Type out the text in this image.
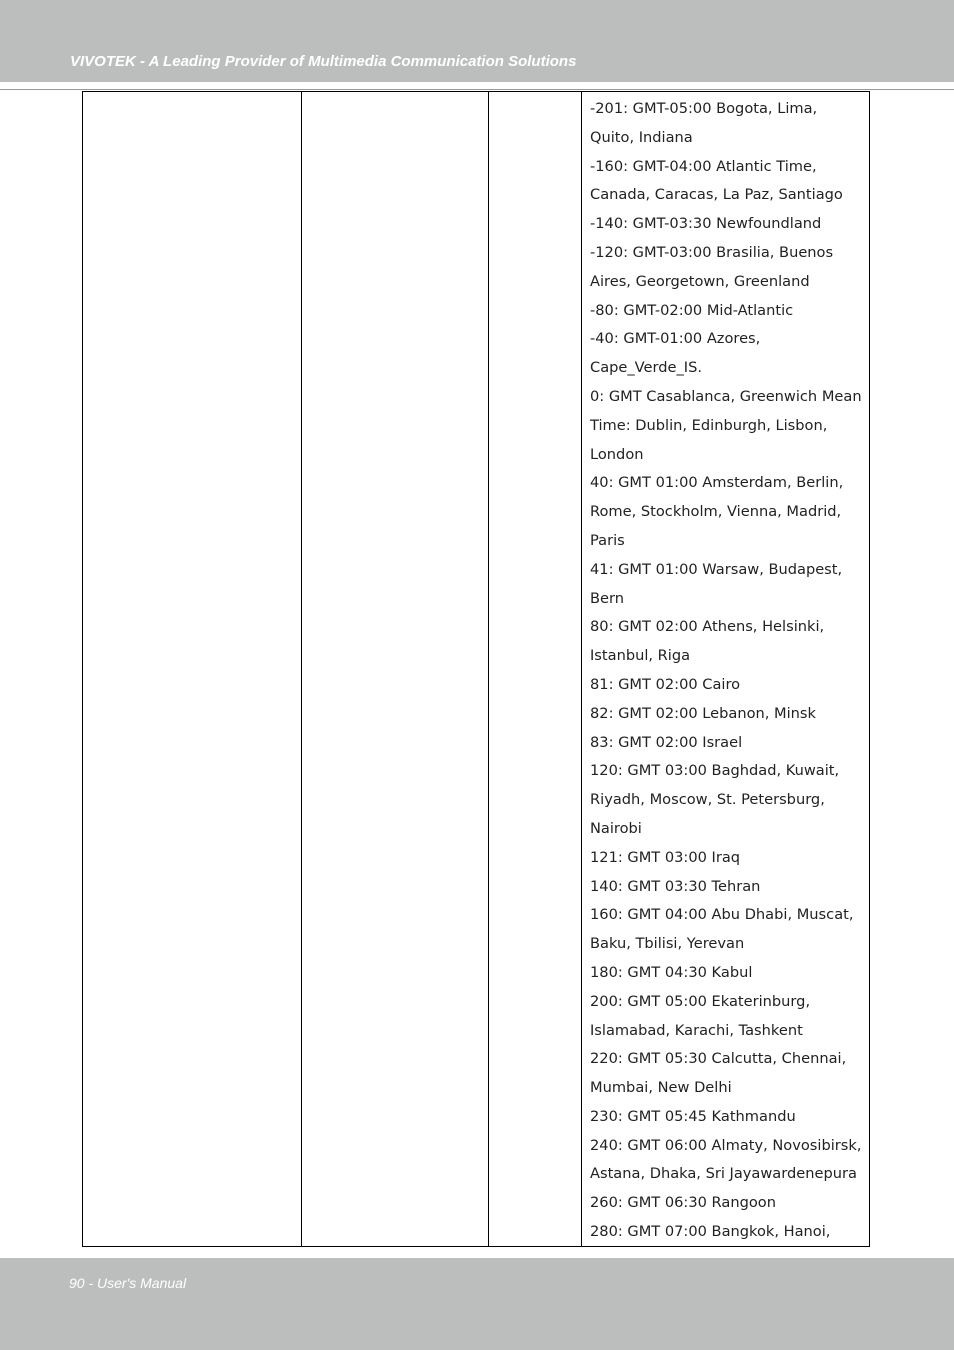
VIVOTEK - A Leading Provider of Multimedia Communication Solutions
-201: GMT-05:00 Bogota, Lima,
Quito, Indiana
-160: GMT-04:00 Atlantic Time,
Canada, Caracas, La Paz, Santiago
-140: GMT-03:30 Newfoundland
-120: GMT-03:00 Brasilia, Buenos
Aires, Georgetown, Greenland
-80: GMT-02:00 Mid-Atlantic
-40: GMT-01:00 Azores,
Cape_Verde_IS.
0: GMT Casablanca, Greenwich Mean
Time: Dublin, Edinburgh, Lisbon,
London
40: GMT 01:00 Amsterdam, Berlin,
Rome, Stockholm, Vienna, Madrid,
Paris
41: GMT 01:00 Warsaw, Budapest,
Bern
80: GMT 02:00 Athens, Helsinki,
Istanbul, Riga
81: GMT 02:00 Cairo
82: GMT 02:00 Lebanon, Minsk
83: GMT 02:00 Israel
120: GMT 03:00 Baghdad, Kuwait,
Riyadh, Moscow, St. Petersburg,
Nairobi
121: GMT 03:00 Iraq
140: GMT 03:30 Tehran
160: GMT 04:00 Abu Dhabi, Muscat,
Baku, Tbilisi, Yerevan
180: GMT 04:30 Kabul
200: GMT 05:00 Ekaterinburg,
Islamabad, Karachi, Tashkent
220: GMT 05:30 Calcutta, Chennai,
Mumbai, New Delhi
230: GMT 05:45 Kathmandu
240: GMT 06:00 Almaty, Novosibirsk,
Astana, Dhaka, Sri Jayawardenepura
260: GMT 06:30 Rangoon
280: GMT 07:00 Bangkok, Hanoi,
90 - User's Manual
